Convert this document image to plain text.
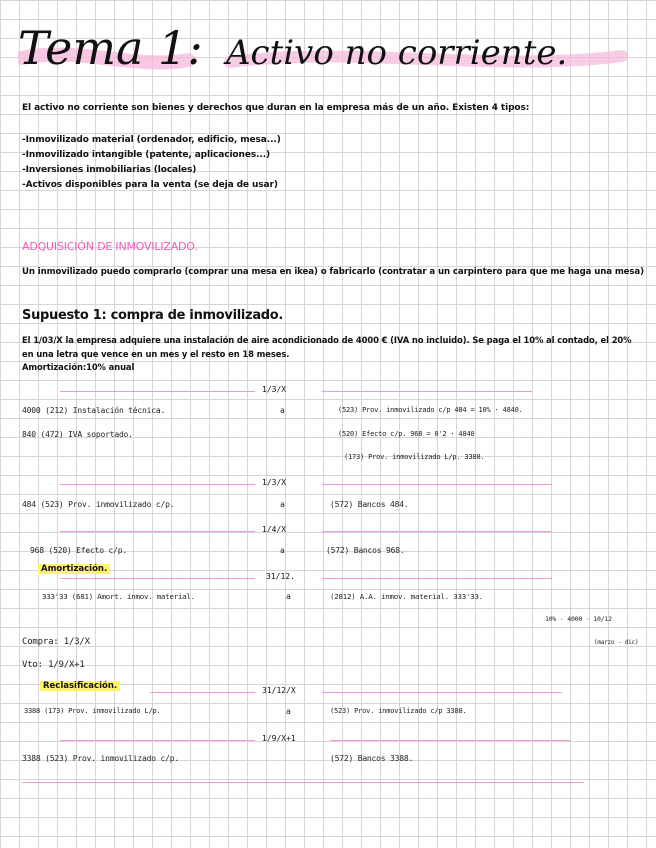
Tema 1: Activo no corriente.
El activo no corriente son bienes y derechos que duran en la empresa más de un año. Existen 4 tipos:
-Inmovilizado material (ordenador, edificio, mesa...)
-Inmovilizado intangible (patente, aplicaciones...)
-Inversiones inmobiliarias (locales)
-Activos disponibles para la venta (se deja de usar)
ADQUISICIÓN DE INMOVILIZADO.
Un inmovilizado puedo comprarlo (comprar una mesa en ikea) o fabricarlo (contratar a un carpintero para que me haga una mesa)
Supuesto 1: compra de inmovilizado.
El 1/03/X la empresa adquiere una instalación de aire acondicionado de 4000 € (IVA no incluido). Se paga el 10% al contado, el 20%
en una letra que vence en un mes y el resto en 18 meses.
Amortización:10% anual
1/3/X
4000 (212) Instalación técnica.
840 (472) IVA soportado.
a	(523) Prov. inmovilizado c/p 484 = 10% · 4840.
(520) Efecto c/p. 968 = 0'2 · 4840
(173) Prov. inmovilizado L/p. 3388.
1/3/X
484 (523) Prov. inmovilizado c/p.	a	(572) Bancos 484.
1/4/X
968 (520) Efecto c/p.	a	(572) Bancos 968.
Amortización.
31/12.
333'33 (681) Amort. inmov. material.	a	(2812) A.A. inmov. material. 333'33.
10% · 4000 · 10/12
(marzo - dic)
Compra: 1/3/X
Vto: 1/9/X+1
Reclasificación.	31/12/X
3388 (173) Prov. inmovilizado L/p.	a	(523) Prov. inmovilizado c/p 3388.
1/9/X+1
3388 (523) Prov. inmovilizado c/p.	(572) Bancos 3388.
